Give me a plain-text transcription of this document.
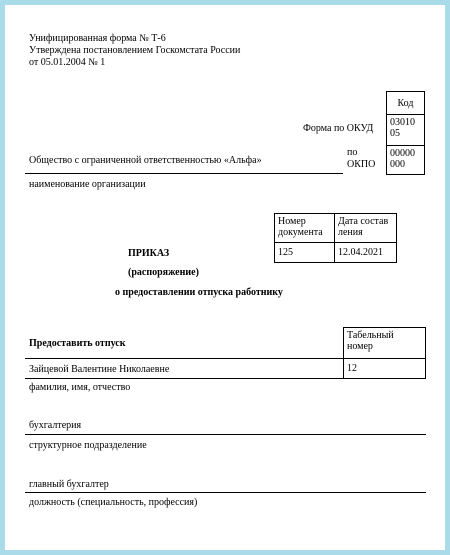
Унифицированная форма № Т-6
Утверждена постановлением Госкомстата России
от 05.01.2004 № 1
Код
03010
05
00000
000
Форма по ОКУД
по
ОКПО
Общество с ограниченной ответственностью «Альфа»
наименование организации
Номер
документа
Дата состав
ления
125	12.04.2021
ПРИКАЗ
(распоряжение)
о предоставлении отпуска работнику
Предоставить отпуск
Табельный
номер
Зайцевой Валентине Николаевне	12
фамилия, имя, отчество
бухгалтерия
структурное подразделение
главный бухгалтер
должность (специальность, профессия)
